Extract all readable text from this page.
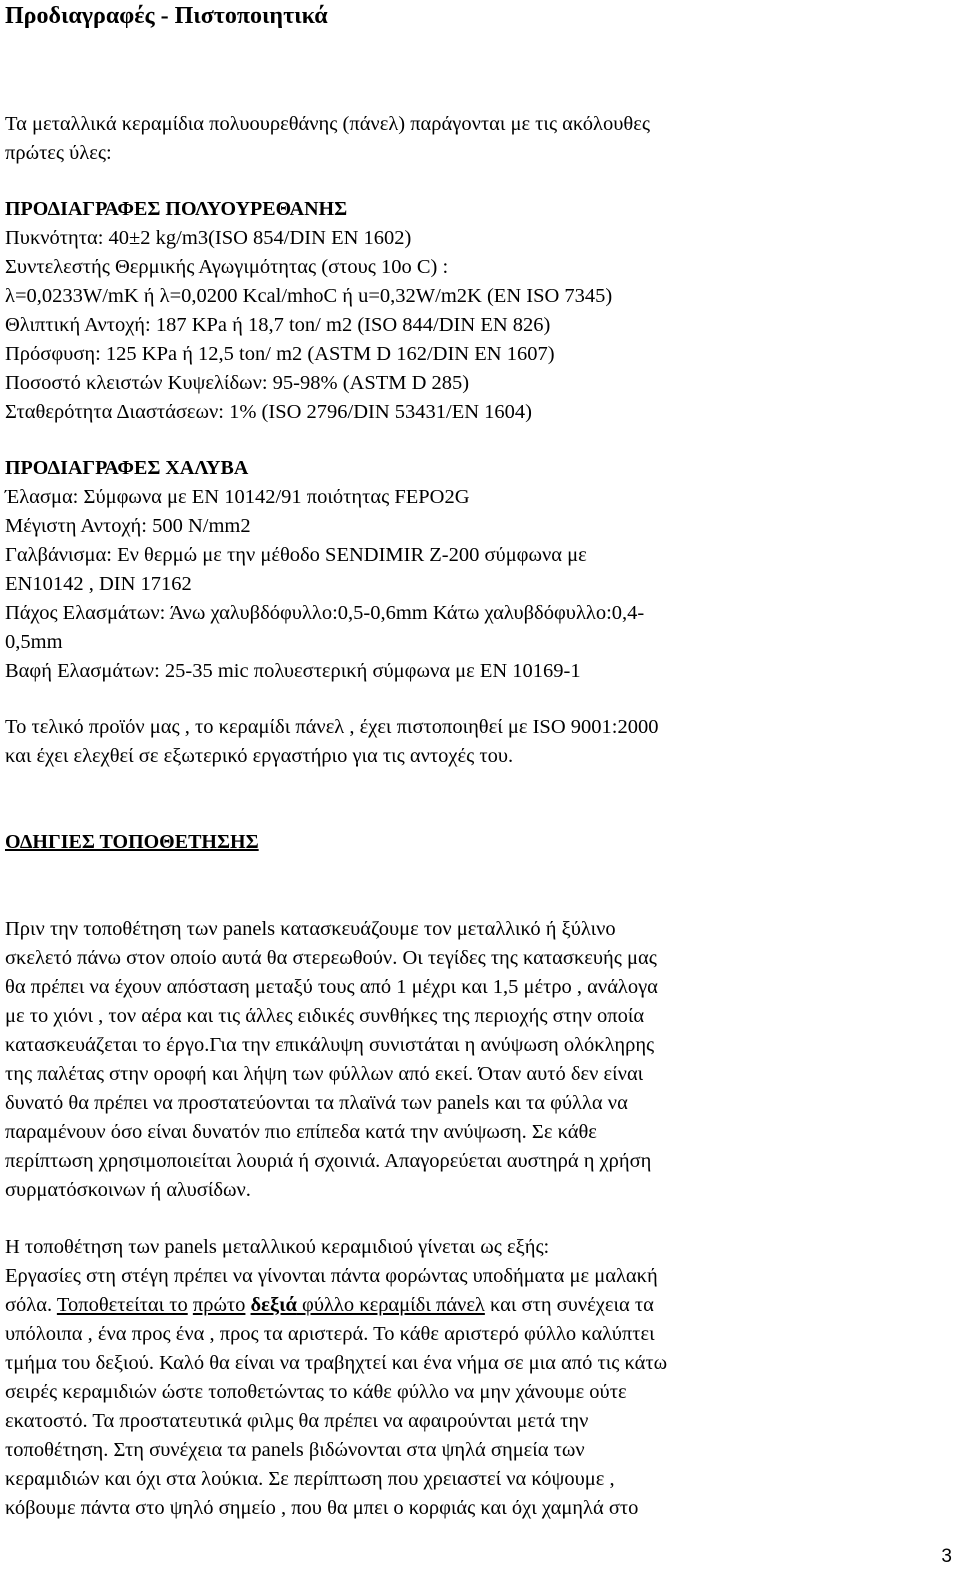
Προδιαγραφές - Πιστοποιητικά
Τα μεταλλικά κεραμίδια πολυουρεθάνης (πάνελ) παράγονται με τις ακόλουθες
πρώτες ύλες:
ΠΡΟΔΙΑΓΡΑΦΕΣ ΠΟΛΥΟΥΡΕΘΑΝΗΣ
Πυκνότητα: 40±2 kg/m3(ISO 854/DIN EN 1602)
Συντελεστής Θερμικής Αγωγιμότητας (στους 10ο C) :
λ=0,0233W/mK ή λ=0,0200 Kcal/mhoC ή u=0,32W/m2K (EN ISO 7345)
Θλιπτική Αντοχή: 187 KPa ή 18,7 ton/ m2 (ISO 844/DIN EN 826)
Πρόσφυση: 125 KPa ή 12,5 ton/ m2 (ASTM D 162/DIN EN 1607)
Ποσοστό κλειστών Κυψελίδων: 95-98% (ASTM D 285)
Σταθερότητα Διαστάσεων: 1% (ISO 2796/DIN 53431/EN 1604)
ΠΡΟΔΙΑΓΡΑΦΕΣ ΧΑΛΥΒΑ
Έλασμα: Σύμφωνα με EN 10142/91 ποιότητας FEPO2G
Μέγιστη Αντοχή: 500 N/mm2
Γαλβάνισμα: Εν θερμώ με την μέθοδο SENDIMIR Z-200 σύμφωνα με
EN10142 , DIN 17162
Πάχος Ελασμάτων: Άνω χαλυβδόφυλλο:0,5-0,6mm Κάτω χαλυβδόφυλλο:0,4-
0,5mm
Βαφή Ελασμάτων: 25-35 mic πολυεστερική σύμφωνα με EN 10169-1
Το τελικό προϊόν μας , το κεραμίδι πάνελ , έχει πιστοποιηθεί με ISO 9001:2000
και έχει ελεχθεί σε εξωτερικό εργαστήριο για τις αντοχές του.
ΟΔΗΓΙΕΣ ΤΟΠΟΘΕΤΗΣΗΣ
Πριν την τοποθέτηση των panels κατασκευάζουμε τον μεταλλικό ή ξύλινο
σκελετό πάνω στον οποίο αυτά θα στερεωθούν. Οι τεγίδες της κατασκευής μας
θα πρέπει να έχουν απόσταση μεταξύ τους από 1 μέχρι και 1,5 μέτρο , ανάλογα
με το χιόνι , τον αέρα και τις άλλες ειδικές συνθήκες της περιοχής στην οποία
κατασκευάζεται το έργο.Για την επικάλυψη συνιστάται η ανύψωση ολόκληρης
της παλέτας στην οροφή και λήψη των φύλλων από εκεί. Όταν αυτό δεν είναι
δυνατό θα πρέπει να προστατεύονται τα πλαϊνά των panels και τα φύλλα να
παραμένουν όσο είναι δυνατόν πιο επίπεδα κατά την ανύψωση. Σε κάθε
περίπτωση χρησιμοποιείται λουριά ή σχοινιά. Απαγορεύεται αυστηρά η χρήση
συρματόσκοινων ή αλυσίδων.
Η τοποθέτηση των panels μεταλλικού κεραμιδιού γίνεται ως εξής:
Εργασίες στη στέγη πρέπει να γίνονται πάντα φορώντας υποδήματα με μαλακή
σόλα. Τοποθετείται το πρώτο δεξιά φύλλο κεραμίδι πάνελ και στη συνέχεια τα
υπόλοιπα , ένα προς ένα , προς τα αριστερά. Το κάθε αριστερό φύλλο καλύπτει
τμήμα του δεξιού. Καλό θα είναι να τραβηχτεί και ένα νήμα σε μια από τις κάτω
σειρές κεραμιδιών ώστε τοποθετώντας το κάθε φύλλο να μην χάνουμε ούτε
εκατοστό. Τα προστατευτικά φιλμς θα πρέπει να αφαιρούνται μετά την
τοποθέτηση. Στη συνέχεια τα panels βιδώνονται στα ψηλά σημεία των
κεραμιδιών και όχι στα λούκια. Σε περίπτωση που χρειαστεί να κόψουμε ,
κόβουμε πάντα στο ψηλό σημείο , που θα μπει ο κορφιάς και όχι χαμηλά στο
3
